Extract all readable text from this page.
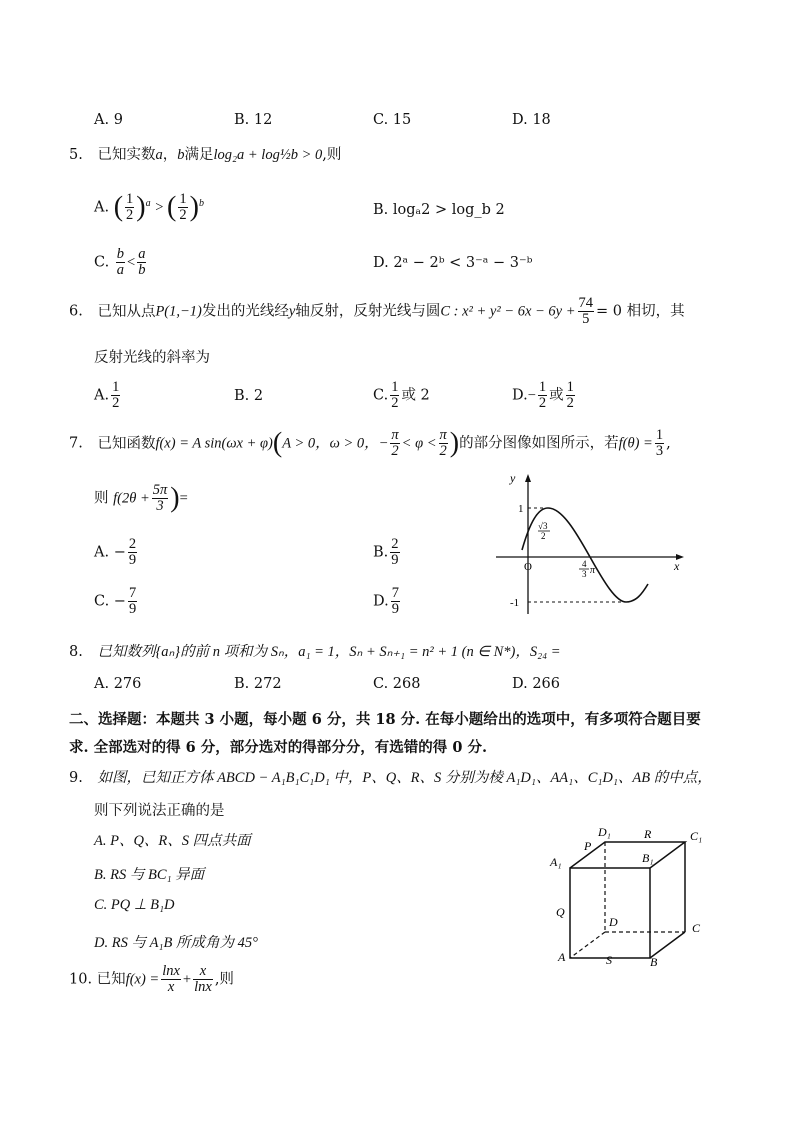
A. 9	B. 12	C. 15	D. 18
5. 已知实数a，b满足log₂a + log½b > 0,则
A. ( $\frac{1}{2} )^a$ > ( $\frac{1}{2} )^b$	B. logₐ2 > log_b 2
C. $\frac{b}{a} < \frac{a}{b}$	D. 2ᵃ − 2ᵇ < 3⁻ᵃ − 3⁻ᵇ
6. 已知从点P(1,−1)发出的光线经y轴反射，反射光线与圆C : $x^2 + y^2 - 6x - 6y + \frac{74}{5} = 0$ 相切，其
反射光线的斜率为
A. $\frac{1}{2}$	B. 2	C. $\frac{1}{2}$ 或 2	$D.- \frac{1}{2}$ 或 $\frac{1}{2}$
7. 已知函数f(x) = A sin(ωx + φ)(A > 0，ω > 0，− $\frac{\pi}{2} < \varphi < \frac{\pi}{2}$ )的部分图像如图所示，若$f(\theta) = \frac{1}{3}$ ,
则 $f(2\theta + \frac{5\pi}{3}$ )=
A. − $\frac{2}{9}$	B. $\frac{2}{9}$
C. − $\frac{7}{9}$	D. $\frac{7}{9}$
y
x
O
1
-1
√3
2
4
3 π
8. 已知数列{aₙ}的前 n 项和为 Sₙ，a₁ = 1，Sₙ + Sₙ₊₁ = n² + 1 (n ∈ N*)，S₂₄ =
A. 276	B. 272	C. 268	D. 266
二、选择题：本题共 3 小题，每小题 6 分，共 18 分. 在每小题给出的选项中，有多项符合题目要
求. 全部选对的得 6 分，部分选对的得部分分，有选错的得 0 分.
9. 如图，已知正方体 ABCD − A₁B₁C₁D₁ 中，P、Q、R、S 分别为棱 A₁D₁、AA₁、C₁D₁、AB 的中点，
则下列说法正确的是
A. P、Q、R、S 四点共面
B. RS 与 BC₁ 异面
C. PQ ⊥ B₁D
D. RS 与 A₁B 所成角为 45°
D₁	R	C₁
A₁
P
B₁
Q
D	C
A	S	B
10. 已知$f(x) = \frac{\ln x}{x} + \frac{x}{\ln x}$ ,则
